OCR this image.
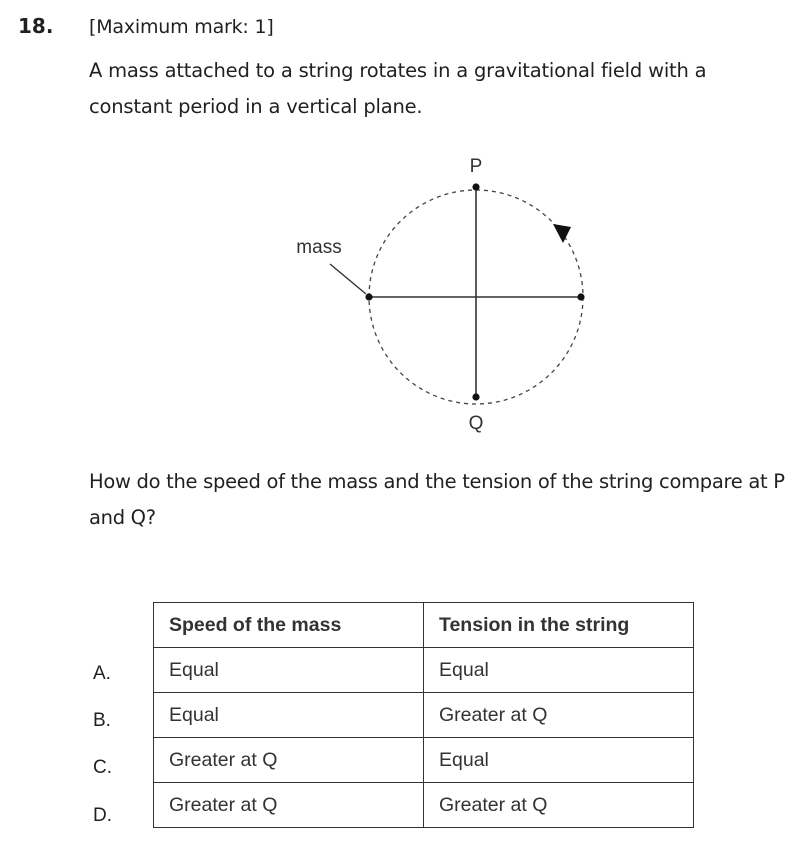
18. [Maximum mark: 1]
A mass attached to a string rotates in a gravitational field with a constant period in a vertical plane.
P
Q
mass
How do the speed of the mass and the tension of the string compare at P and Q?
A.
B.
C.
D.
Speed of the mass	Tension in the string
Equal	Equal
Equal	Greater at Q
Greater at Q	Equal
Greater at Q	Greater at Q
